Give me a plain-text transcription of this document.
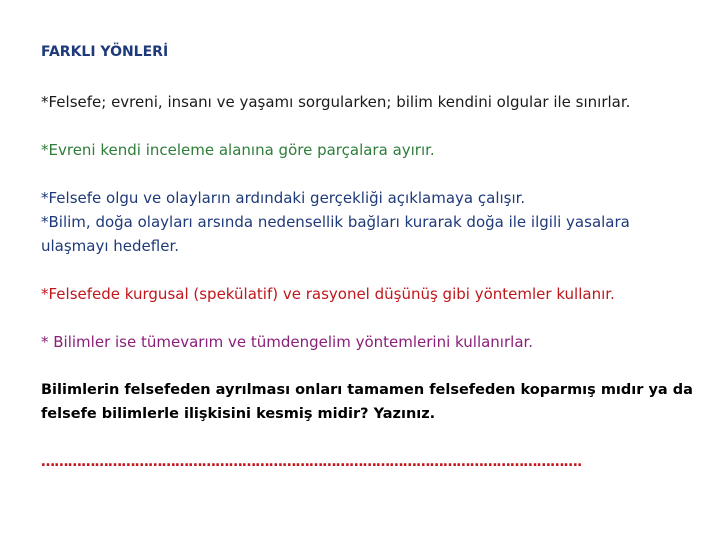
FARKLI YÖNLERİ
*Felsefe; evreni, insanı ve yaşamı sorgularken; bilim kendini olgular ile sınırlar.
*Evreni kendi inceleme alanına göre parçalara ayırır.
*Felsefe olgu ve olayların ardındaki gerçekliği açıklamaya çalışır.
*Bilim, doğa olayları arsında nedensellik bağları kurarak doğa ile ilgili yasalara ulaşmayı hedefler.
*Felsefede kurgusal (spekülatif) ve rasyonel düşünüş gibi yöntemler kullanır.
* Bilimler ise tümevarım ve tümdengelim yöntemlerini kullanırlar.
Bilimlerin felsefeden ayrılması onları tamamen felsefeden koparmış mıdır ya da felsefe bilimlerle ilişkisini kesmiş midir? Yazınız.
………………………………………………………………………………………………………….
